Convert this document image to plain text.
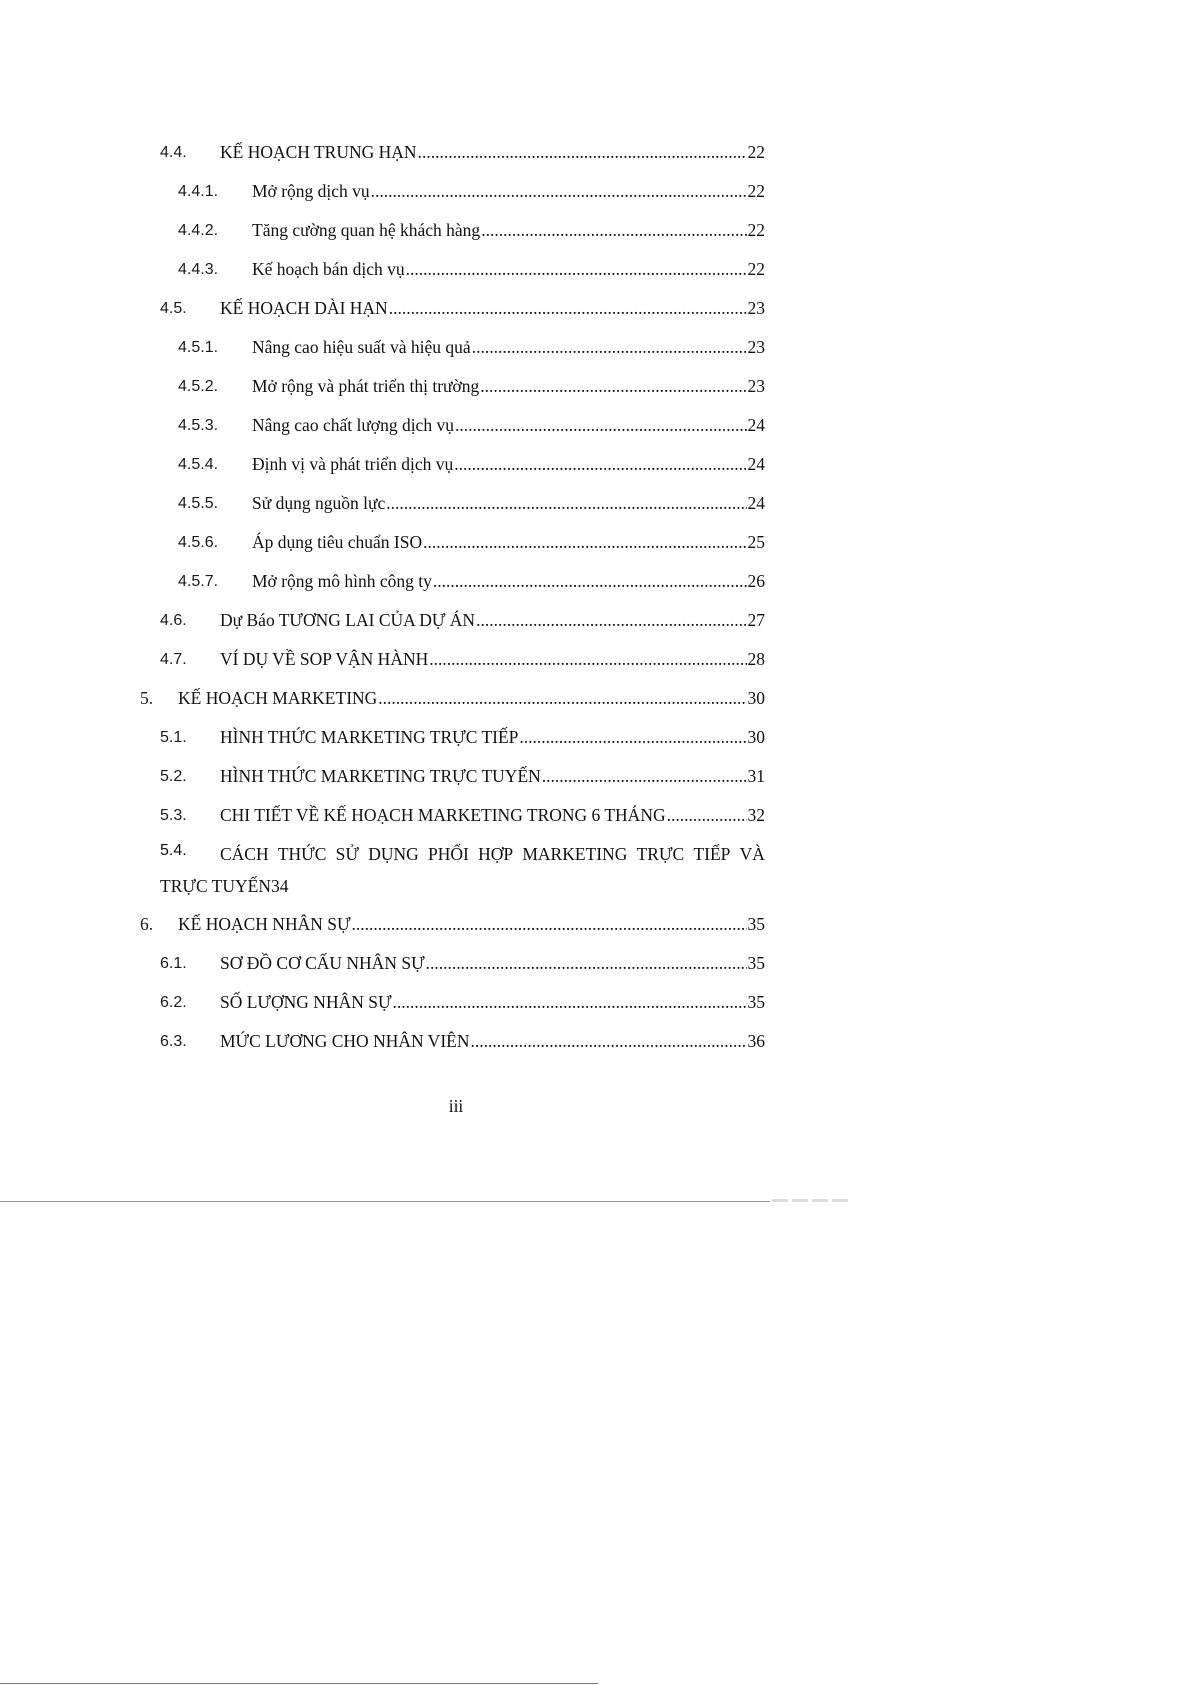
4.4. KẾ HOẠCH TRUNG HẠN .....	22
4.4.1. Mở rộng dịch vụ .....	22
4.4.2. Tăng cường quan hệ khách hàng .....	22
4.4.3. Kế hoạch bán dịch vụ .....	22
4.5. KẾ HOẠCH DÀI HẠN .....	23
4.5.1. Nâng cao hiệu suất và hiệu quả .....	23
4.5.2. Mở rộng và phát triển thị trường .....	23
4.5.3. Nâng cao chất lượng dịch vụ .....	24
4.5.4. Định vị và phát triển dịch vụ .....	24
4.5.5. Sử dụng nguồn lực .....	24
4.5.6. Áp dụng tiêu chuẩn ISO .....	25
4.5.7. Mở rộng mô hình công ty .....	26
4.6. Dự Báo TƯƠNG LAI CỦA DỰ ÁN .....	27
4.7. VÍ DỤ VỀ SOP VẬN HÀNH .....	28
5. KẾ HOẠCH MARKETING .....	30
5.1. HÌNH THỨC MARKETING TRỰC TIẾP .....	30
5.2. HÌNH THỨC MARKETING TRỰC TUYẾN .....	31
5.3. CHI TIẾT VỀ KẾ HOẠCH MARKETING TRONG 6 THÁNG .....	32
5.4. CÁCH THỨC SỬ DỤNG PHỐI HỢP MARKETING TRỰC TIẾP VÀ
TRỰC TUYẾN 34
6. KẾ HOẠCH NHÂN SỰ .....	35
6.1. SƠ ĐỒ CƠ CẤU NHÂN SỰ .....	35
6.2. SỐ LƯỢNG NHÂN SỰ .....	35
6.3. MỨC LƯƠNG CHO NHÂN VIÊN .....	36
iii
